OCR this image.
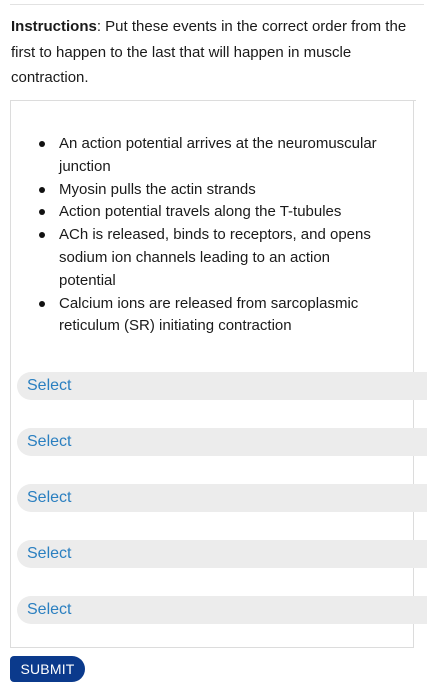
Instructions: Put these events in the correct order from the first to happen to the last that will happen in muscle contraction.
An action potential arrives at the neuromuscular junction
Myosin pulls the actin strands
Action potential travels along the T-tubules
ACh is released, binds to receptors, and opens sodium ion channels leading to an action potential
Calcium ions are released from sarcoplasmic reticulum (SR) initiating contraction
Select
Select
Select
Select
Select
SUBMIT
